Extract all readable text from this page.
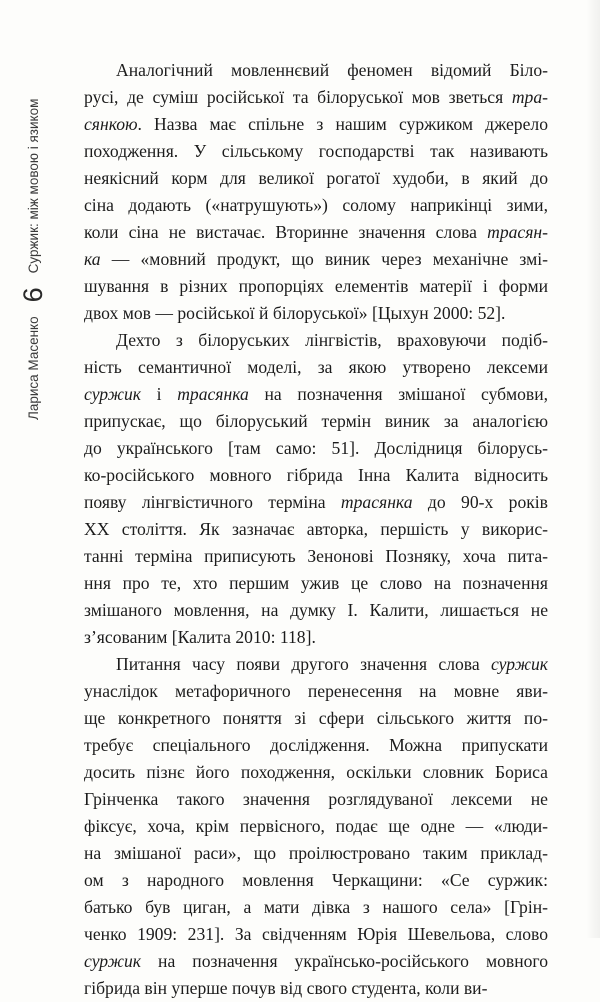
Лариса Масенко
6
Суржик: між мовою і язиком
Аналогічний мовленнєвий феномен відомий Біло-
русі, де суміш російської та білоруської мов зветься тра-
сянкою. Назва має спільне з нашим суржиком джерело
походження. У сільському господарстві так називають
неякісний корм для великої рогатої худоби, в який до
сіна додають («натрушують») солому наприкінці зими,
коли сіна не вистачає. Вторинне значення слова трасян-
ка — «мовний продукт, що виник через механічне змі-
шування в різних пропорціях елементів матерії і форми
двох мов — російської й білоруської» [Цыхун 2000: 52].
Дехто з білоруських лінгвістів, враховуючи подіб-
ність семантичної моделі, за якою утворено лексеми
суржик і трасянка на позначення змішаної субмови,
припускає, що білоруський термін виник за аналогією
до українського [там само: 51]. Дослідниця білорусь-
ко-російського мовного гібрида Інна Калита відносить
появу лінгвістичного терміна трасянка до 90-х років
ХХ століття. Як зазначає авторка, першість у викорис-
танні терміна приписують Зенонові Позняку, хоча пита-
ння про те, хто першим ужив це слово на позначення
змішаного мовлення, на думку І. Калити, лишається не
з’ясованим [Калита 2010: 118].
Питання часу появи другого значення слова суржик
унаслідок метафоричного перенесення на мовне яви-
ще конкретного поняття зі сфери сільського життя по-
требує спеціального дослідження. Можна припускати
досить пізнє його походження, оскільки словник Бориса
Грінченка такого значення розглядуваної лексеми не
фіксує, хоча, крім первісного, подає ще одне — «люди-
на змішаної раси», що проілюстровано таким приклад-
ом з народного мовлення Черкащини: «Се суржик:
батько був циган, а мати дівка з нашого села» [Грін-
ченко 1909: 231]. За свідченням Юрія Шевельова, слово
суржик на позначення українсько-російського мовного
гібрида він уперше почув від свого студента, коли ви-
